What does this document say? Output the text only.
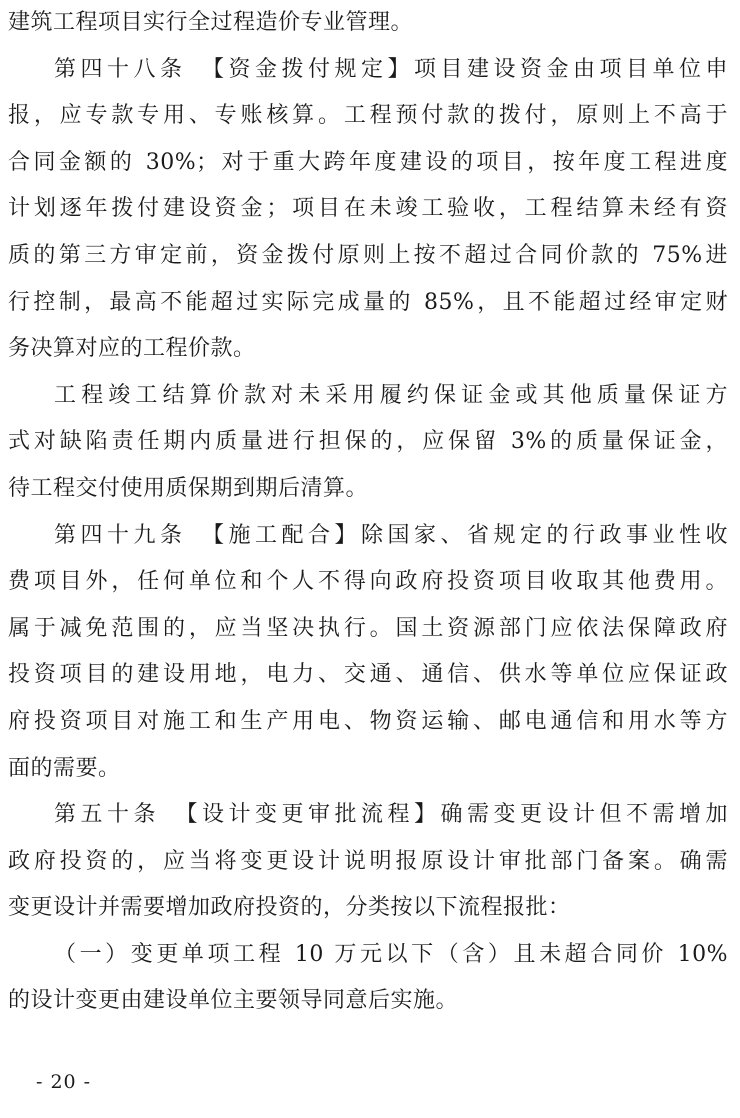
建筑工程项目实行全过程造价专业管理。
第四十八条　【资金拨付规定】项目建设资金由项目单位申
报，应专款专用、专账核算。工程预付款的拨付，原则上不高于
合同金额的 30%；对于重大跨年度建设的项目，按年度工程进度
计划逐年拨付建设资金；项目在未竣工验收，工程结算未经有资
质的第三方审定前，资金拨付原则上按不超过合同价款的 75%进
行控制，最高不能超过实际完成量的 85%，且不能超过经审定财
务决算对应的工程价款。
工程竣工结算价款对未采用履约保证金或其他质量保证方
式对缺陷责任期内质量进行担保的，应保留 3%的质量保证金，
待工程交付使用质保期到期后清算。
第四十九条　【施工配合】除国家、省规定的行政事业性收
费项目外，任何单位和个人不得向政府投资项目收取其他费用。
属于减免范围的，应当坚决执行。国土资源部门应依法保障政府
投资项目的建设用地，电力、交通、通信、供水等单位应保证政
府投资项目对施工和生产用电、物资运输、邮电通信和用水等方
面的需要。
第五十条　【设计变更审批流程】确需变更设计但不需增加
政府投资的，应当将变更设计说明报原设计审批部门备案。确需
变更设计并需要增加政府投资的，分类按以下流程报批：
（一）变更单项工程 10 万元以下（含）且未超合同价 10%
的设计变更由建设单位主要领导同意后实施。
- 20 -
